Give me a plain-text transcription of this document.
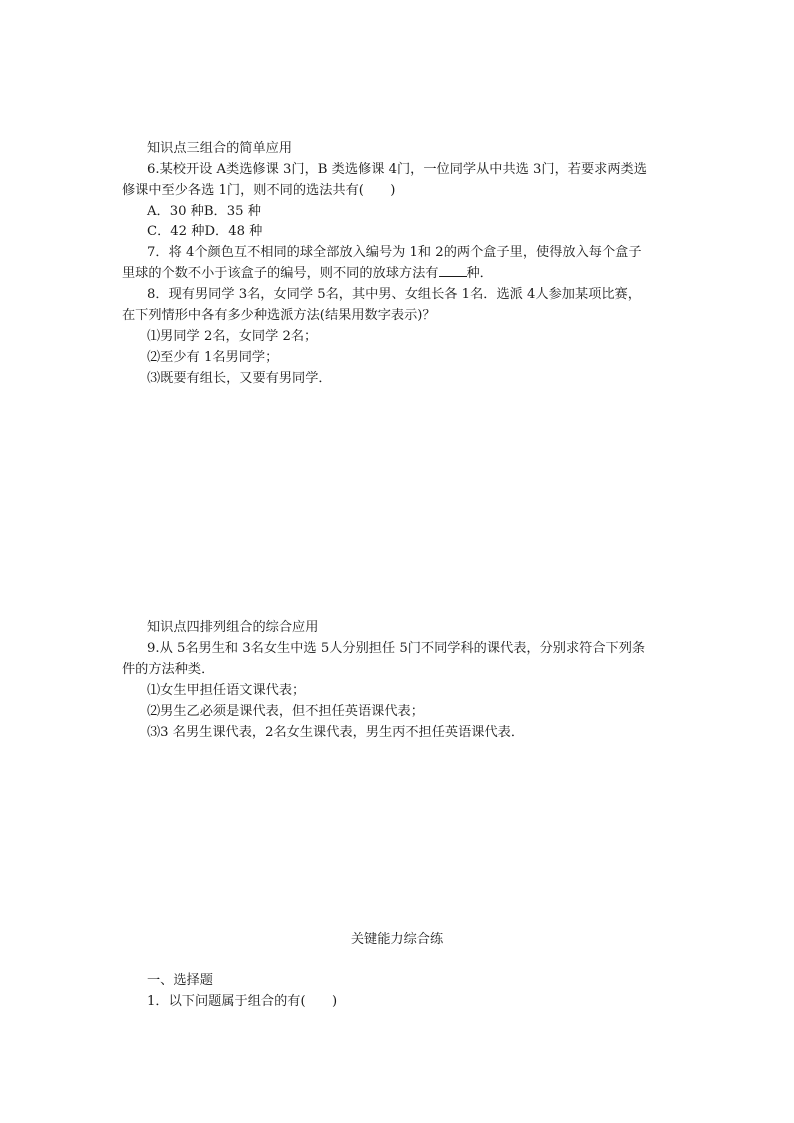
知识点三组合的简单应用
6.某校开设 A类选修课 3门，B 类选修课 4门，一位同学从中共选 3门，若要求两类选
修课中至少各选 1门，则不同的选法共有(　　)
A．30 种B．35 种
C．42 种D．48 种
7．将 4个颜色互不相同的球全部放入编号为 1和 2的两个盒子里，使得放入每个盒子
里球的个数不小于该盒子的编号，则不同的放球方法有 种．
8．现有男同学 3名，女同学 5名，其中男、女组长各 1名．选派 4人参加某项比赛，
在下列情形中各有多少种选派方法(结果用数字表示)？
⑴男同学 2名，女同学 2名；
⑵至少有 1名男同学；
⑶既要有组长，又要有男同学．
知识点四排列组合的综合应用
9.从 5名男生和 3名女生中选 5人分别担任 5门不同学科的课代表，分别求符合下列条
件的方法种类．
⑴女生甲担任语文课代表；
⑵男生乙必须是课代表，但不担任英语课代表；
⑶3 名男生课代表，2名女生课代表，男生丙不担任英语课代表．
关键能力综合练
一、选择题
1．以下问题属于组合的有(　　)
